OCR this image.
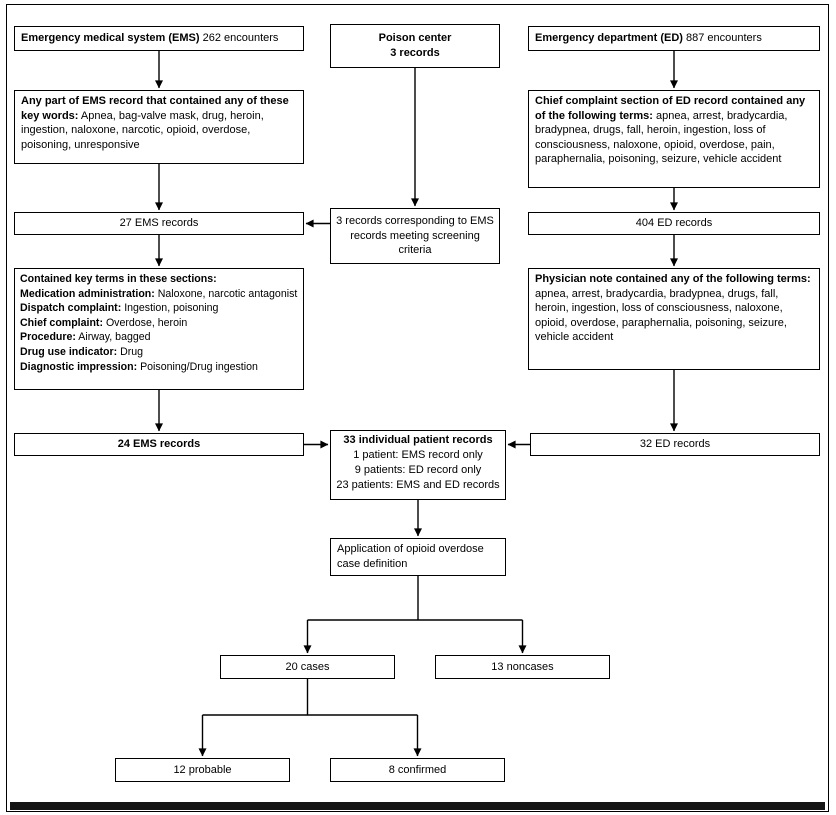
Emergency medical system (EMS) 262 encounters	Poison center
3 records
Emergency department (ED) 887 encounters
Any part of EMS record that contained any of these key words: Apnea, bag-valve mask, drug, heroin, ingestion, naloxone, narcotic, opioid, overdose, poisoning, unresponsive
Chief complaint section of ED record contained any of the following terms: apnea, arrest, bradycardia, bradypnea, drugs, fall, heroin, ingestion, loss of consciousness, naloxone, opioid, overdose, pain, paraphernalia, poisoning, seizure, vehicle accident
27 EMS records	3 records corresponding to EMS records meeting screening criteria
404 ED records
Contained key terms in these sections:
Medication administration: Naloxone, narcotic antagonist
Dispatch complaint: Ingestion, poisoning
Chief complaint: Overdose, heroin
Procedure: Airway, bagged
Drug use indicator: Drug
Diagnostic impression: Poisoning/Drug ingestion
Physician note contained any of the following terms: apnea, arrest, bradycardia, bradypnea, drugs, fall, heroin, ingestion, loss of consciousness, naloxone, opioid, overdose, paraphernalia, poisoning, seizure, vehicle accident
24 EMS records	33 individual patient records
1 patient: EMS record only
9 patients: ED record only
23 patients: EMS and ED records
32 ED records
Application of opioid overdose case definition
20 cases	13 noncases
12 probable	8 confirmed
